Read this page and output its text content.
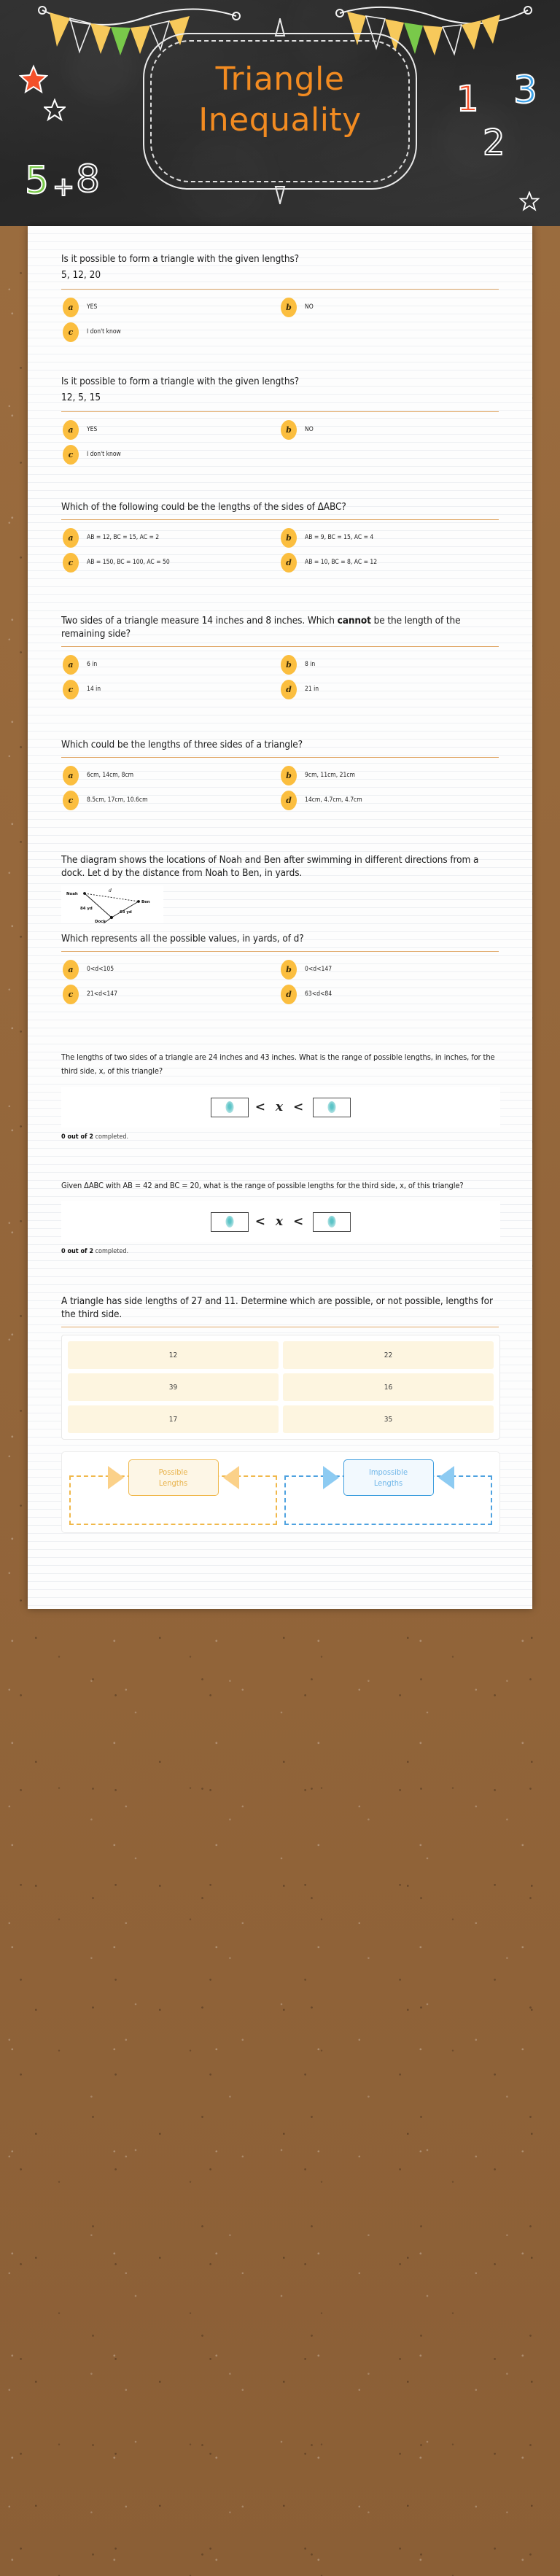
5 + 8
1
2
3
Triangle
Inequality
Is it possible to form a triangle with the given lengths?
5, 12, 20
a	YES	b	NO
c	I don't know
Is it possible to form a triangle with the given lengths?
12, 5, 15
a	YES	b	NO
c	I don't know
Which of the following could be the lengths of the sides of ΔABC?
a	AB = 12, BC = 15, AC = 2	b	AB = 9, BC = 15, AC = 4
c	AB = 150, BC = 100, AC = 50	d	AB = 10, BC = 8, AC = 12
Two sides of a triangle measure 14 inches and 8 inches. Which cannot be the length of the remaining side?
a	6 in	b	8 in
c	14 in	d	21 in
Which could be the lengths of three sides of a triangle?
a	6cm, 14cm, 8cm	b	9cm, 11cm, 21cm
c	8.5cm, 17cm, 10.6cm	d	14cm, 4.7cm, 4.7cm
The diagram shows the locations of Noah and Ben after swimming in different directions from a dock. Let d by the distance from Noah to Ben, in yards.
Noah
Ben
d
84 yd
63 yd
Dock
Which represents all the possible values, in yards, of d?
a	0<d<105	b	0<d<147
c	21<d<147	d	63<d<84
The lengths of two sides of a triangle are 24 inches and 43 inches. What is the range of possible lengths, in inches, for the third side, x, of this triangle?
< x <
0 out of 2 completed.
Given ΔABC with AB = 42 and BC = 20, what is the range of possible lengths for the third side, x, of this triangle?
< x <
0 out of 2 completed.
A triangle has side lengths of 27 and 11. Determine which are possible, or not possible, lengths for the third side.
12	22
39	16
17	35
Possible
Lengths
Impossible
Lengths
